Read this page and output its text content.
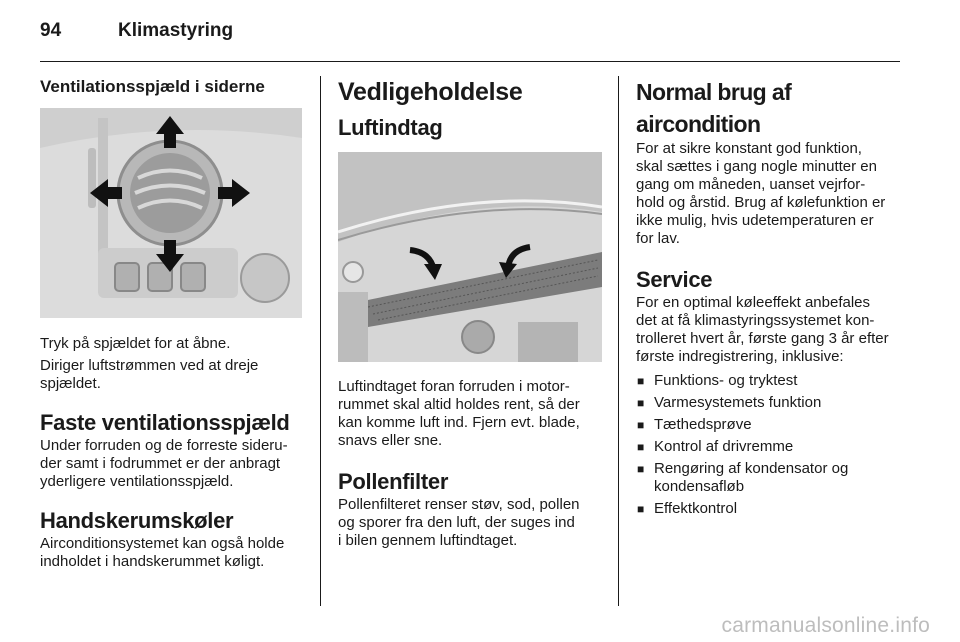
94	Klimastyring
Ventilationsspjæld i siderne

Tryk på spjældet for at åbne.

Diriger luftstrømmen ved at dreje

spjældet.

Faste ventilationsspjæld

Under forruden og de forreste sideru-

der samt i fodrummet er der anbragt

yderligere ventilationsspjæld.

Handskerumskøler

Airconditionsystemet kan også holde

indholdet i handskerummet køligt.

Vedligeholdelse
Luftindtag

Luftindtaget foran forruden i motor-

rummet skal altid holdes rent, så der

kan komme luft ind. Fjern evt. blade,

snavs eller sne.

Pollenfilter

Pollenfilteret renser støv, sod, pollen

og sporer fra den luft, der suges ind

i bilen gennem luftindtaget.

Normal brug af aircondition

For at sikre konstant god funktion,

skal sættes i gang nogle minutter en

gang om måneden, uanset vejrfor-

hold og årstid. Brug af kølefunktion er

ikke mulig, hvis udetemperaturen er

for lav.

Service

For en optimal køleeffekt anbefales

det at få klimastyringssystemet kon-

trolleret hvert år, første gang 3 år efter

første indregistrering, inklusive:

■ Funktions- og tryktest
■ Varmesystemets funktion
■ Tæthedsprøve
■ Kontrol af drivremme
■ Rengøring af kondensator og
kondensafløb
■ Effektkontrol
carmanualsonline.info
